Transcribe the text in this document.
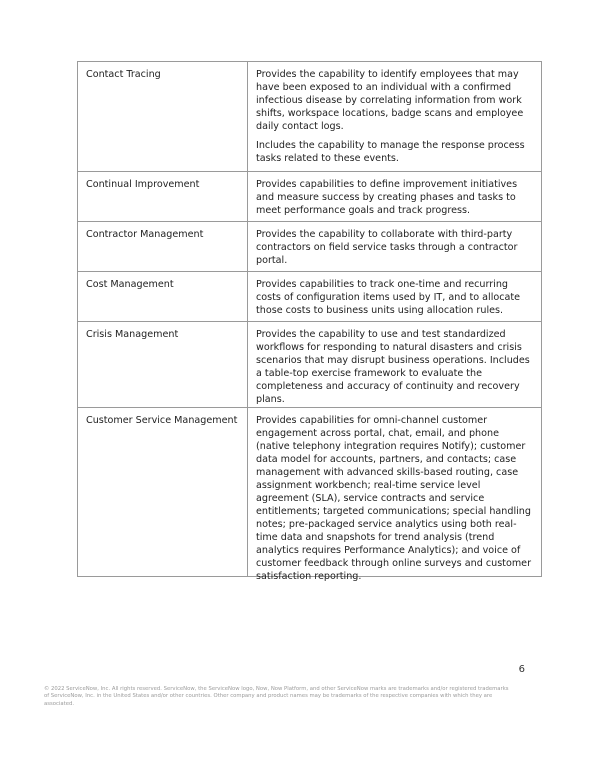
Contact Tracing	Provides the capability to identify employees that may have been exposed to an individual with a confirmed infectious disease by correlating information from work shifts, workspace locations, badge scans and employee daily contact logs.

Includes the capability to manage the response process tasks related to these events.

Continual Improvement	Provides capabilities to define improvement initiatives and measure success by creating phases and tasks to meet performance goals and track progress.

Contractor Management	Provides the capability to collaborate with third-party contractors on field service tasks through a contractor portal.

Cost Management	Provides capabilities to track one-time and recurring costs of configuration items used by IT, and to allocate those costs to business units using allocation rules.

Crisis Management	Provides the capability to use and test standardized workflows for responding to natural disasters and crisis scenarios that may disrupt business operations. Includes a table-top exercise framework to evaluate the completeness and accuracy of continuity and recovery plans.

Customer Service Management	Provides capabilities for omni-channel customer engagement across portal, chat, email, and phone (native telephony integration requires Notify); customer data model for accounts, partners, and contacts; case management with advanced skills-based routing, case assignment workbench; real-time service level agreement (SLA), service contracts and service entitlements; targeted communications; special handling notes; pre-packaged service analytics using both real-time data and snapshots for trend analysis (trend analytics requires Performance Analytics); and voice of customer feedback through online surveys and customer satisfaction reporting.

6
© 2022 ServiceNow, Inc. All rights reserved. ServiceNow, the ServiceNow logo, Now, Now Platform, and other ServiceNow marks are trademarks and/or registered trademarks of ServiceNow, Inc. in the United States and/or other countries. Other company and product names may be trademarks of the respective companies with which they are associated.
